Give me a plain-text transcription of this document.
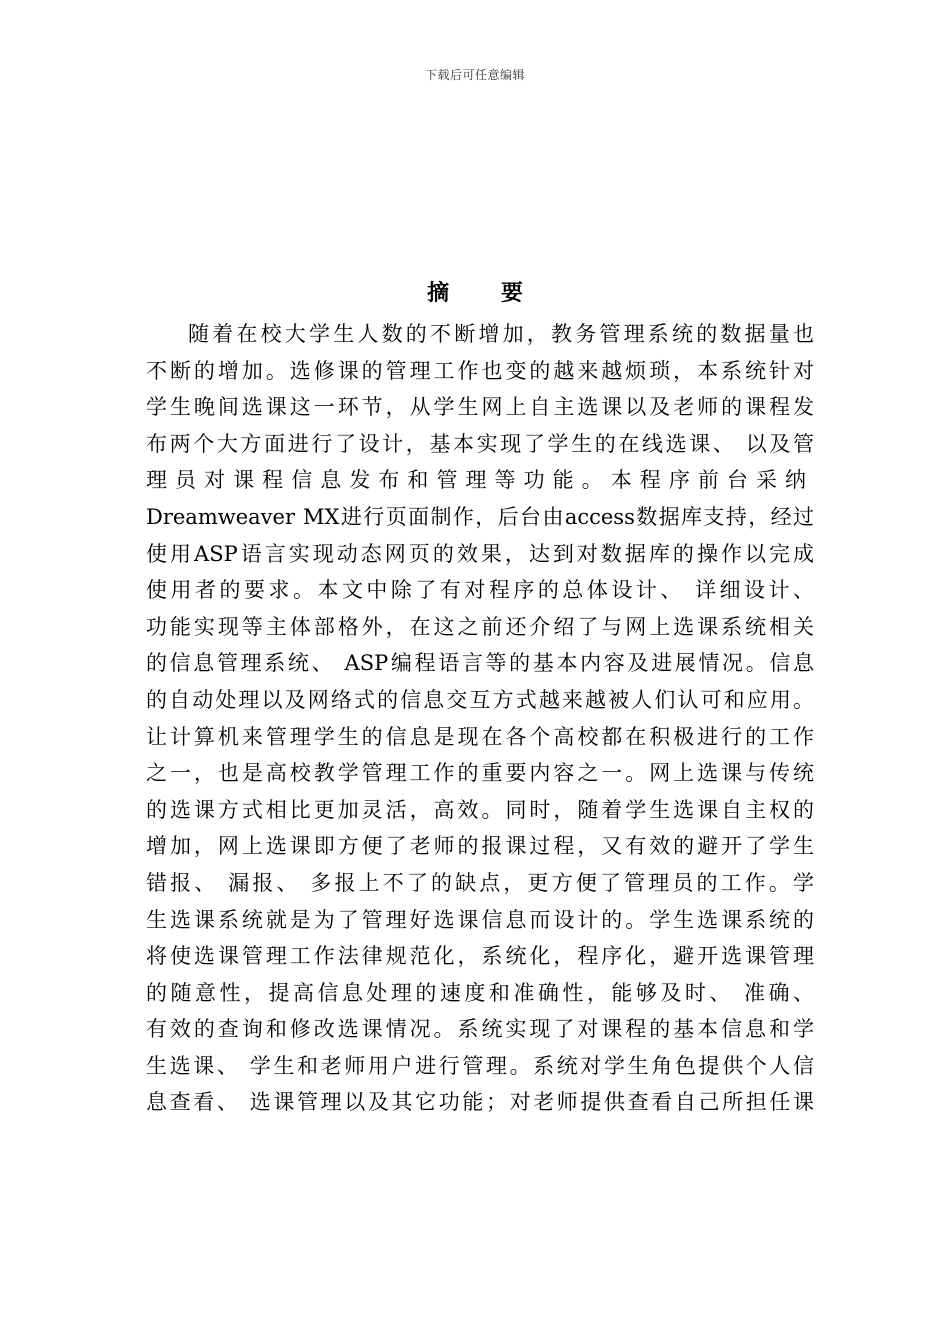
下载后可任意编辑
摘 要
随着在校大学生人数的不断增加，教务管理系统的数据量也
不断的增加。选修课的管理工作也变的越来越烦琐，本系统针对
学生晚间选课这一环节，从学生网上自主选课以及老师的课程发
布两个大方面进行了设计，基本实现了学生的在线选课、 以及管
理员对课程信息发布和管理等功能。本程序前台采纳
Dreamweaver MX进行页面制作，后台由access数据库支持，经过
使用ASP语言实现动态网页的效果，达到对数据库的操作以完成
使用者的要求。本文中除了有对程序的总体设计、 详细设计、
功能实现等主体部格外，在这之前还介绍了与网上选课系统相关
的信息管理系统、 ASP编程语言等的基本内容及进展情况。信息
的自动处理以及网络式的信息交互方式越来越被人们认可和应用。
让计算机来管理学生的信息是现在各个高校都在积极进行的工作
之一，也是高校教学管理工作的重要内容之一。网上选课与传统
的选课方式相比更加灵活，高效。同时，随着学生选课自主权的
增加，网上选课即方便了老师的报课过程，又有效的避开了学生
错报、 漏报、 多报上不了的缺点，更方便了管理员的工作。学
生选课系统就是为了管理好选课信息而设计的。学生选课系统的
将使选课管理工作法律规范化，系统化，程序化，避开选课管理
的随意性，提高信息处理的速度和准确性，能够及时、 准确、
有效的查询和修改选课情况。系统实现了对课程的基本信息和学
生选课、 学生和老师用户进行管理。系统对学生角色提供个人信
息查看、 选课管理以及其它功能；对老师提供查看自己所担任课
